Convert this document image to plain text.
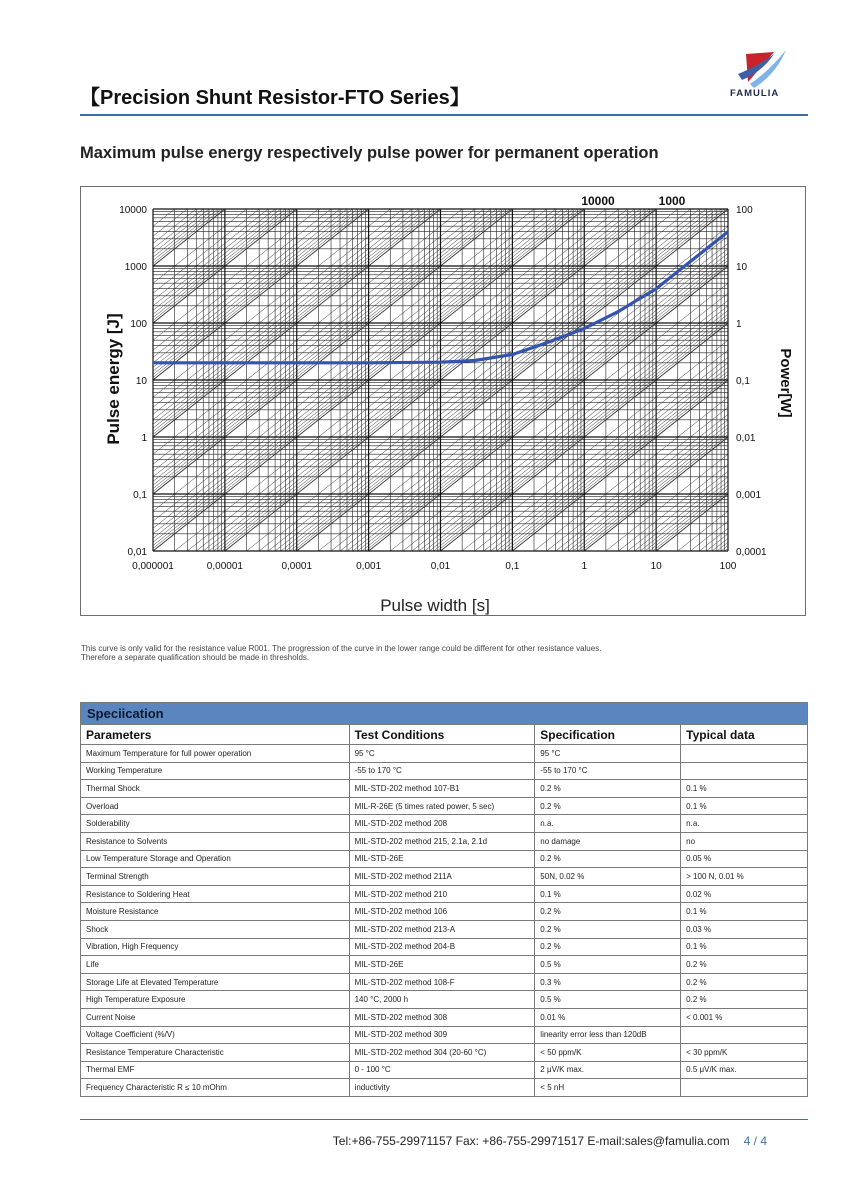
【Precision Shunt Resistor-FTO Series】	FAMULIA
Maximum pulse energy respectively pulse power for permanent operation
0,000001	0,00001	0,0001	0,001	0,01	0,1	1	10	100
0,01
0,1
1
10
100
1000
10000
0,0001
0,001
0,01
0,1
1
10
100
10000	1000
Pulse width [s]
Pulse energy [J]	Power[W]
This curve is only valid for the resistance value R001. The progression of the curve in the lower range could be different for other resistance values.
Therefore a separate qualification should be made in thresholds.
Speciication			
Parameters	Test Conditions	Specification	Typical data
Maximum Temperature for full power operation	95 °C	95 °C	
Working Temperature	-55 to 170 °C	-55 to 170 °C	
Thermal Shock	MIL-STD-202 method 107-B1	0.2 %	0.1 %
Overload	MIL-R-26E (5 times rated power, 5 sec)	0.2 %	0.1 %
Solderability	MIL-STD-202 method 208	n.a.	n.a.
Resistance to Solvents	MIL-STD-202 method 215, 2.1a, 2.1d	no damage	no
Low Temperature Storage and Operation	MIL-STD-26E	0.2 %	0.05 %
Terminal Strength	MIL-STD-202 method 211A	50N, 0.02 %	> 100 N, 0.01 %
Resistance to Soldering Heat	MIL-STD-202 method 210	0.1 %	0.02 %
Moisture Resistance	MIL-STD-202 method 106	0.2 %	0.1 %
Shock	MIL-STD-202 method 213-A	0.2 %	0.03 %
Vibration, High Frequency	MIL-STD-202 method 204-B	0.2 %	0.1 %
Life	MIL-STD-26E	0.5 %	0.2 %
Storage Life at Elevated Temperature	MIL-STD-202 method 108-F	0.3 %	0.2 %
High Temperature Exposure	140 °C, 2000 h	0.5 %	0.2 %
Current Noise	MIL-STD-202 method 308	0.01 %	< 0.001 %
Voltage Coefficient (%/V)	MIL-STD-202 method 309	linearity error less than 120dB	
Resistance Temperature Characteristic	MIL-STD-202 method 304 (20-60 °C)	< 50 ppm/K	< 30 ppm/K
Thermal EMF	0 - 100 °C	2 μV/K max.	0.5 μV/K max.
Frequency Characteristic R ≤ 10 mOhm	inductivity	< 5 nH	
Tel:+86-755-29971157 Fax: +86-755-29971517 E-mail:sales@famulia.com 4 / 4
